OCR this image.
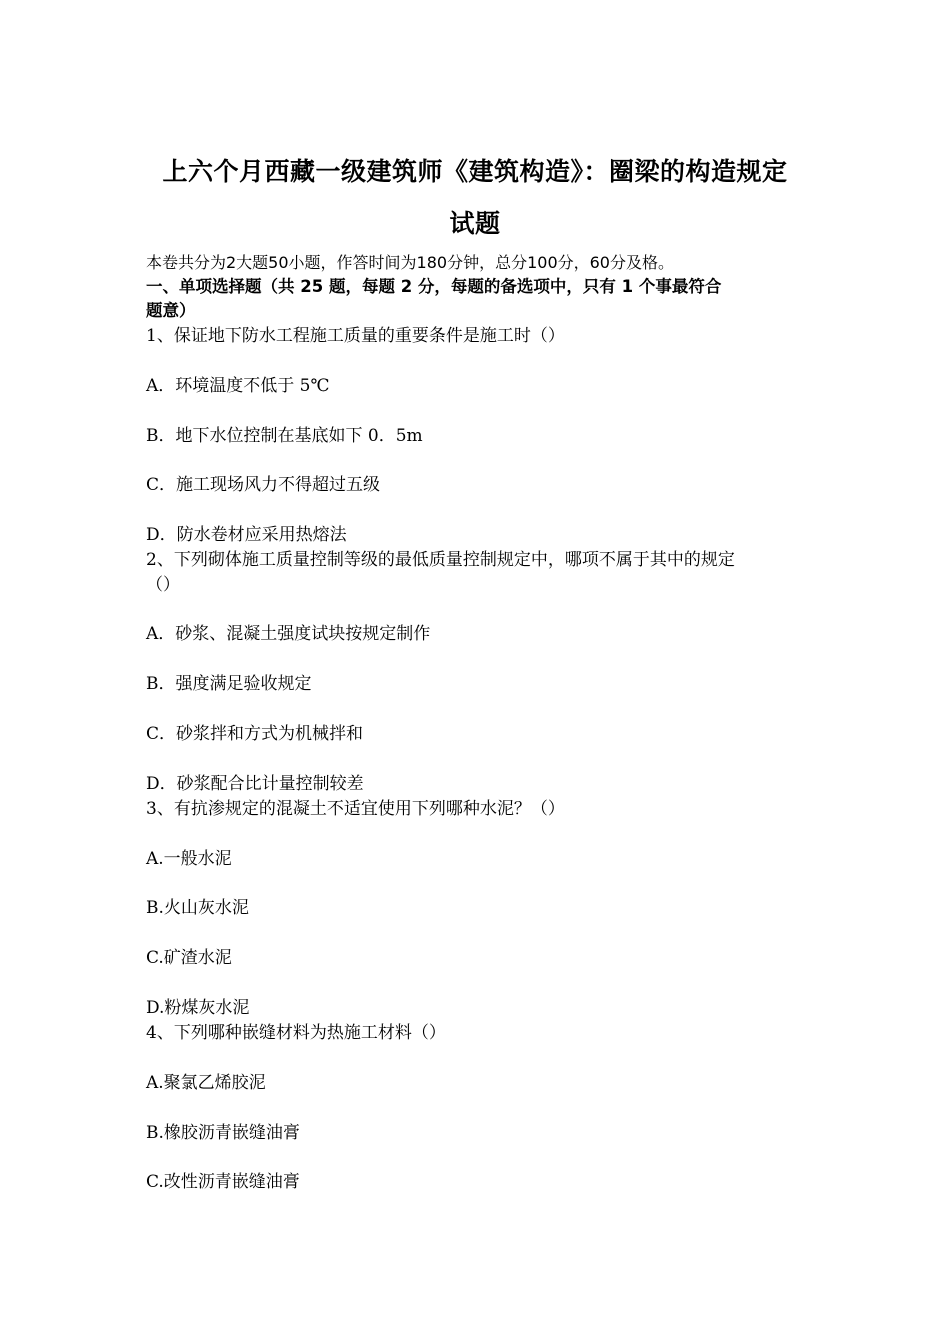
上六个月西藏一级建筑师《建筑构造》：圈梁的构造规定
试题
本卷共分为2大题50小题，作答时间为180分钟，总分100分，60分及格。
一、单项选择题（共 25 题，每题 2 分，每题的备选项中，只有 1 个事最符合
题意）
1、保证地下防水工程施工质量的重要条件是施工时（）
A．环境温度不低于 5℃
B．地下水位控制在基底如下 0．5m
C．施工现场风力不得超过五级
D．防水卷材应采用热熔法
2、下列砌体施工质量控制等级的最低质量控制规定中，哪项不属于其中的规定
（）
A．砂浆、混凝土强度试块按规定制作
B．强度满足验收规定
C．砂浆拌和方式为机械拌和
D．砂浆配合比计量控制较差
3、有抗渗规定的混凝土不适宜使用下列哪种水泥？（）
A.一般水泥
B.火山灰水泥
C.矿渣水泥
D.粉煤灰水泥
4、下列哪种嵌缝材料为热施工材料（）
A.聚氯乙烯胶泥
B.橡胶沥青嵌缝油膏
C.改性沥青嵌缝油膏
